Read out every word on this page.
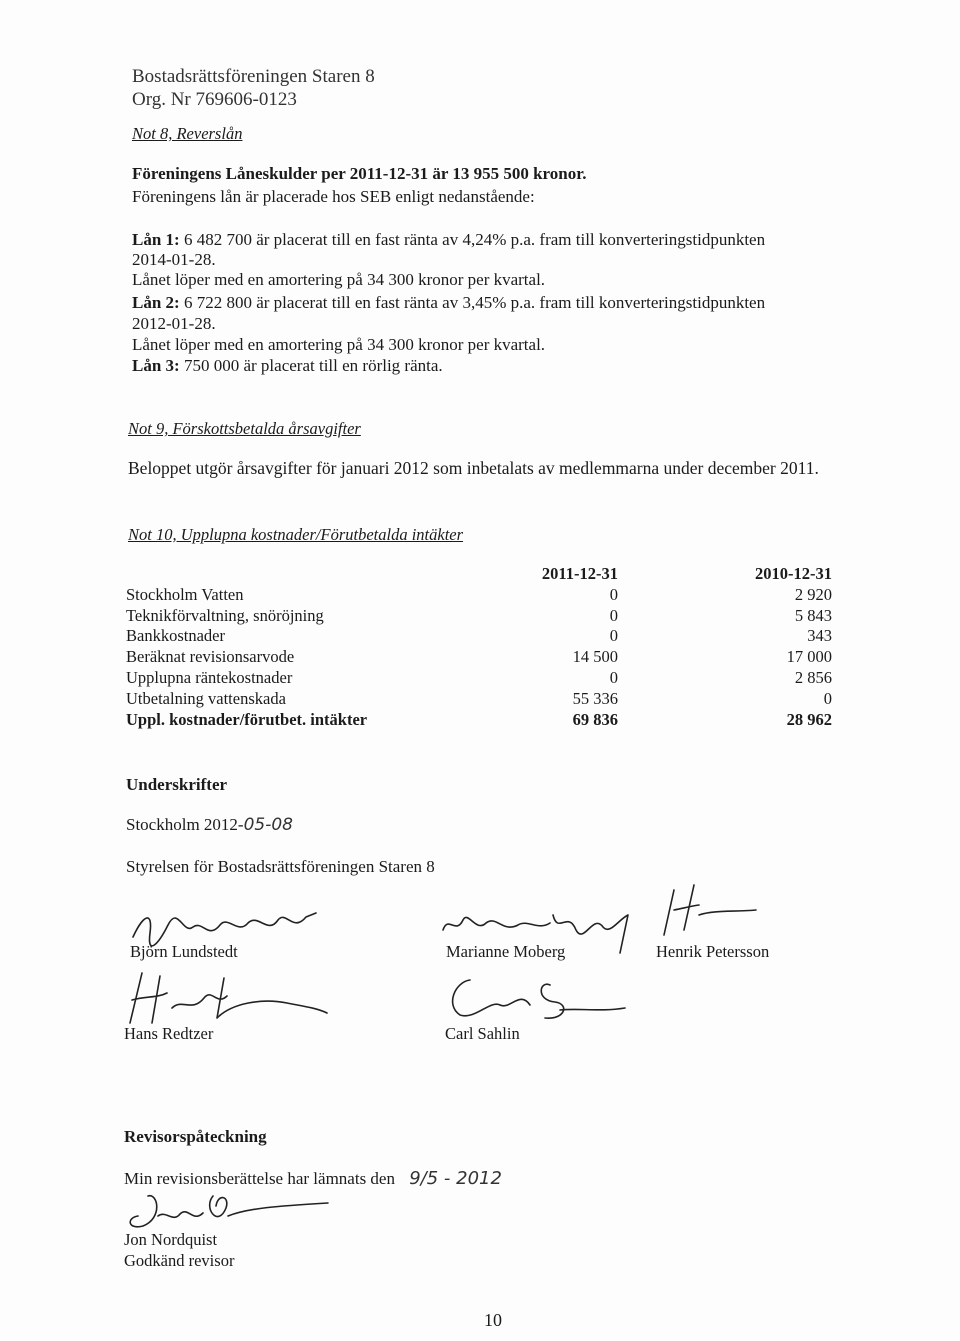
Bostadsrättsföreningen Staren 8
Org. Nr 769606-0123
Not 8, Reverslån
Föreningens Låneskulder per 2011-12-31 är 13 955 500 kronor.
Föreningens lån är placerade hos SEB enligt nedanstående:
Lån 1: 6 482 700 är placerat till en fast ränta av 4,24% p.a. fram till konverteringstidpunkten
2014-01-28.
Lånet löper med en amortering på 34 300 kronor per kvartal.
Lån 2: 6 722 800 är placerat till en fast ränta av 3,45% p.a. fram till konverteringstidpunkten
2012-01-28.
Lånet löper med en amortering på 34 300 kronor per kvartal.
Lån 3: 750 000 är placerat till en rörlig ränta.
Not 9, Förskottsbetalda årsavgifter
Beloppet utgör årsavgifter för januari 2012 som inbetalats av medlemmarna under december 2011.
Not 10, Upplupna kostnader/Förutbetalda intäkter
	2011-12-31	2010-12-31
Stockholm Vatten	0	2 920
Teknikförvaltning, snöröjning	0	5 843
Bankkostnader	0	343
Beräknat revisionsarvode	14 500	17 000
Upplupna räntekostnader	0	2 856
Utbetalning vattenskada	55 336	0
Uppl. kostnader/förutbet. intäkter	69 836	28 962
Underskrifter
Stockholm 2012-05-08
Styrelsen för Bostadsrättsföreningen Staren 8
Björn Lundstedt	Marianne Moberg	Henrik Petersson
Hans Redtzer	Carl Sahlin
Revisorspåteckning
Min revisionsberättelse har lämnats den 9/5 - 2012
Jon Nordquist
Godkänd revisor
10
